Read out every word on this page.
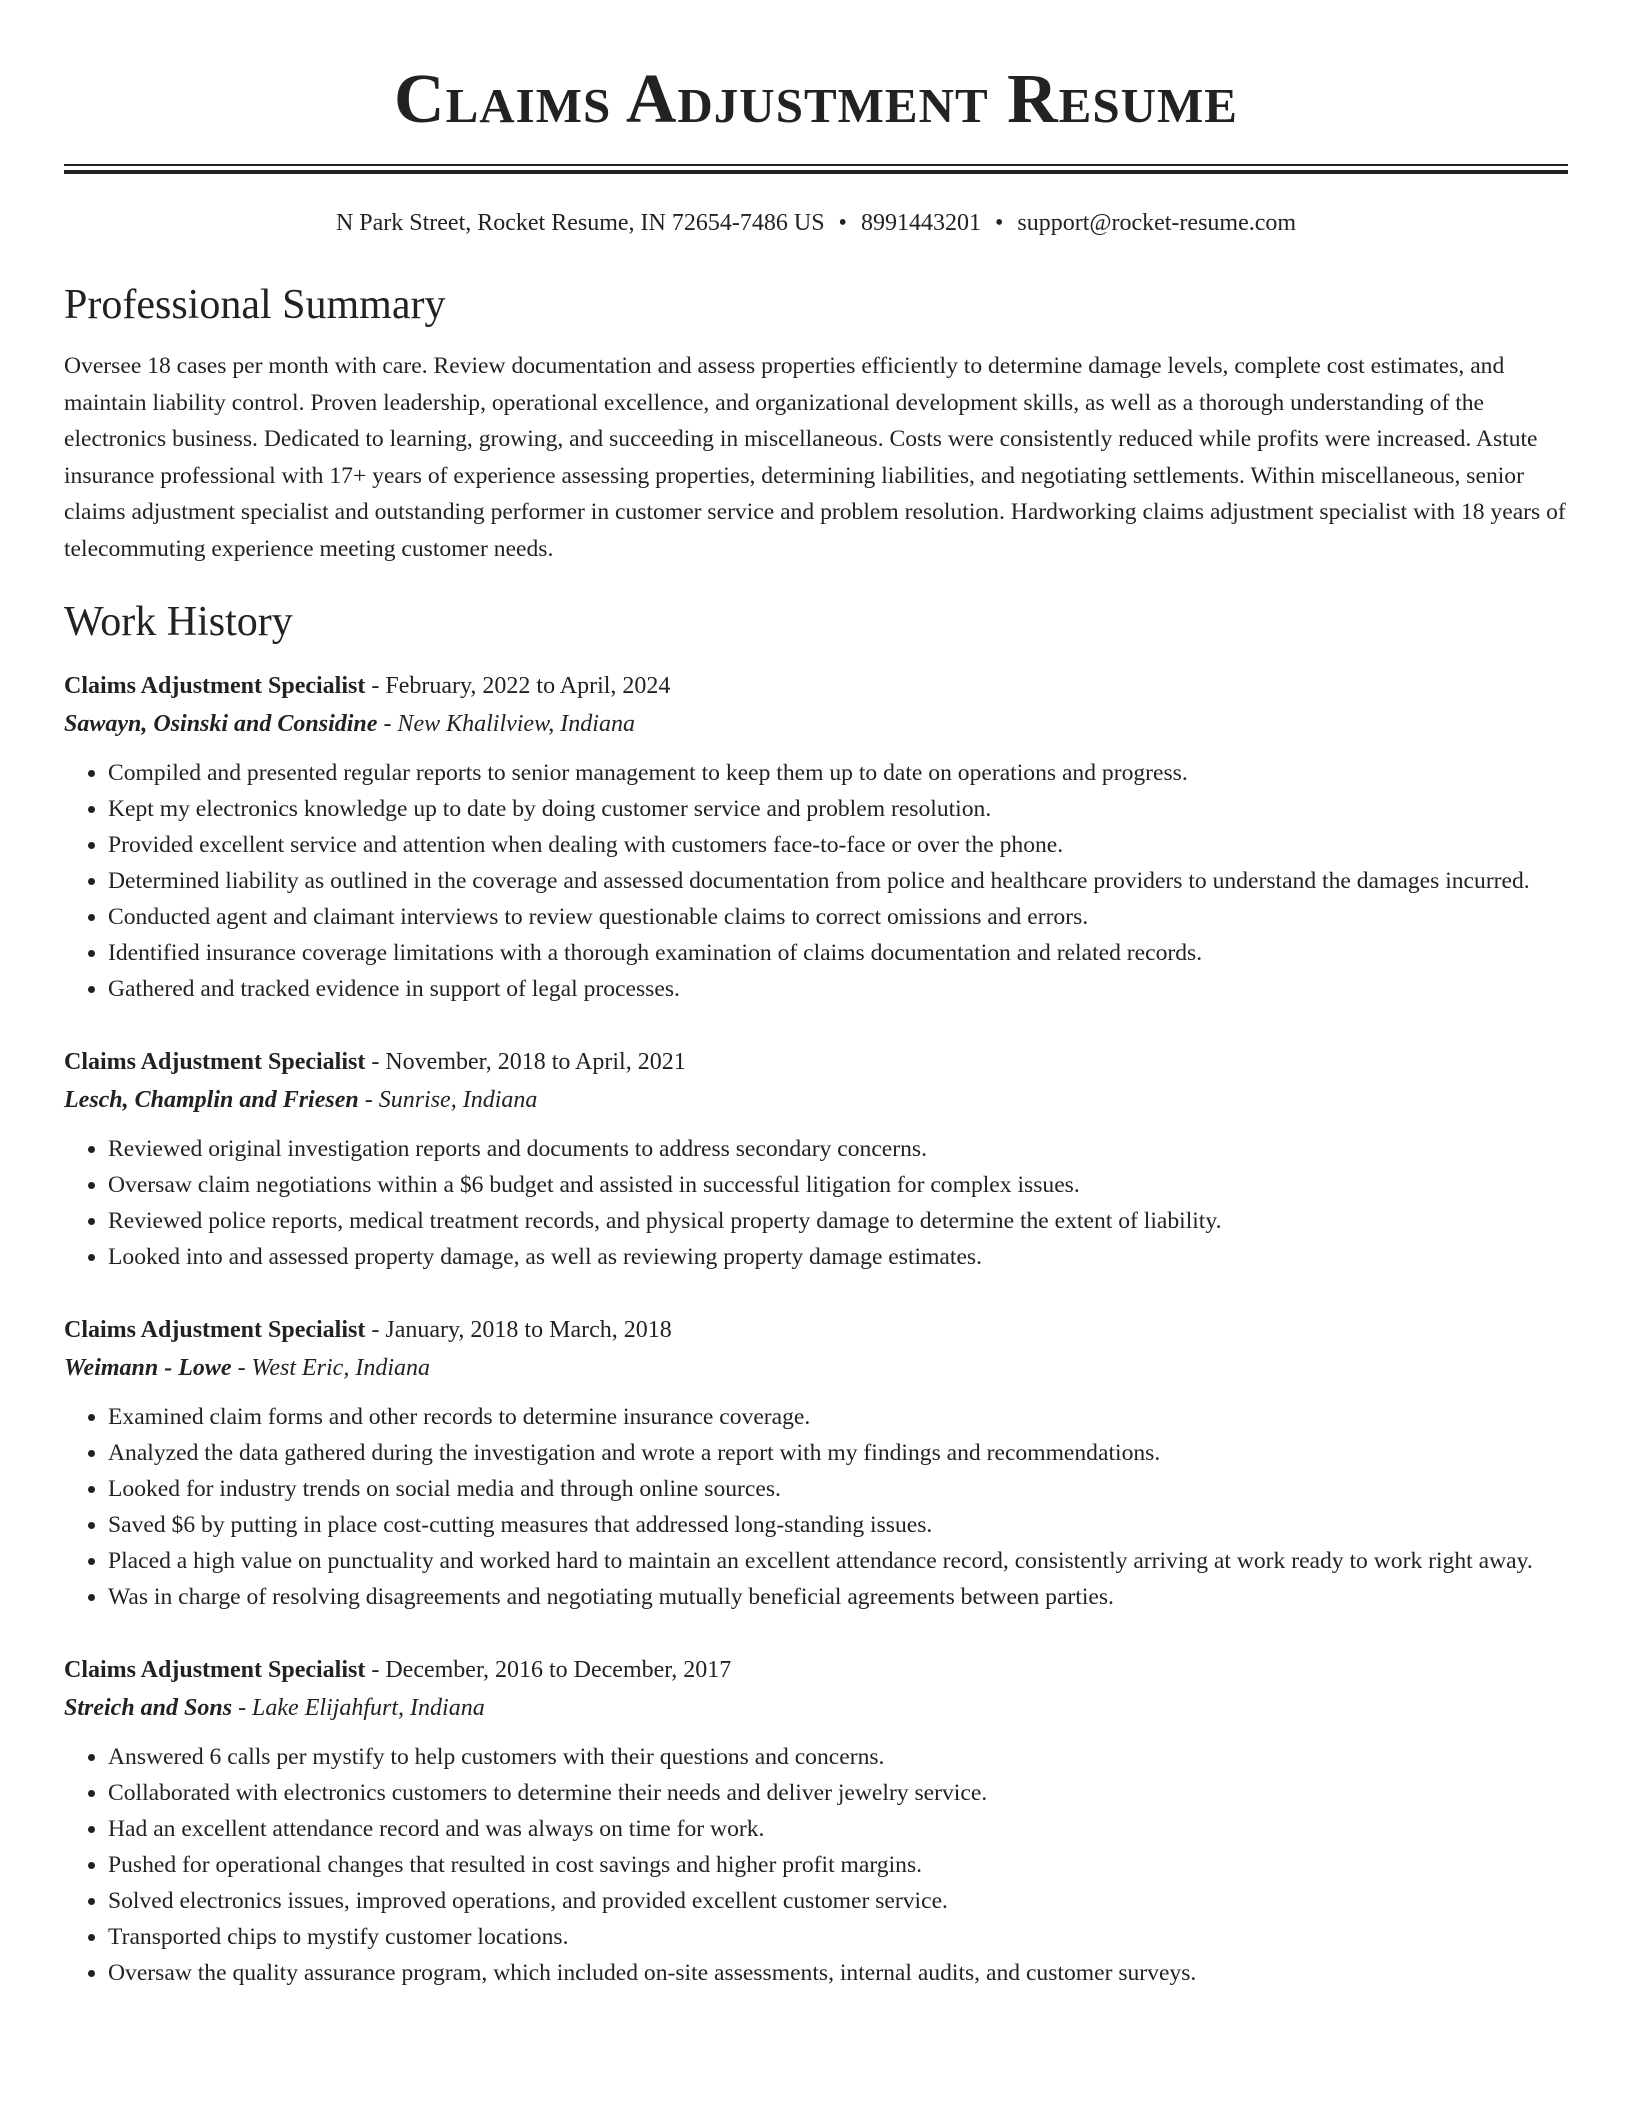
Claims Adjustment Resume
N Park Street, Rocket Resume, IN 72654-7486 US • 8991443201 • support@rocket-resume.com
Professional Summary

Oversee 18 cases per month with care. Review documentation and assess properties efficiently to determine damage levels, complete cost estimates, and maintain liability control. Proven leadership, operational excellence, and organizational development skills, as well as a thorough understanding of the electronics business. Dedicated to learning, growing, and succeeding in miscellaneous. Costs were consistently reduced while profits were increased. Astute insurance professional with 17+ years of experience assessing properties, determining liabilities, and negotiating settlements. Within miscellaneous, senior claims adjustment specialist and outstanding performer in customer service and problem resolution. Hardworking claims adjustment specialist with 18 years of telecommuting experience meeting customer needs.

Work History
Claims Adjustment Specialist - February, 2022 to April, 2024
Sawayn, Osinski and Considine - New Khalilview, Indiana
• Compiled and presented regular reports to senior management to keep them up to date on operations and progress.
• Kept my electronics knowledge up to date by doing customer service and problem resolution.
• Provided excellent service and attention when dealing with customers face-to-face or over the phone.
• Determined liability as outlined in the coverage and assessed documentation from police and healthcare providers to understand the damages incurred.
• Conducted agent and claimant interviews to review questionable claims to correct omissions and errors.
• Identified insurance coverage limitations with a thorough examination of claims documentation and related records.
• Gathered and tracked evidence in support of legal processes.
Claims Adjustment Specialist - November, 2018 to April, 2021
Lesch, Champlin and Friesen - Sunrise, Indiana
• Reviewed original investigation reports and documents to address secondary concerns.
• Oversaw claim negotiations within a $6 budget and assisted in successful litigation for complex issues.
• Reviewed police reports, medical treatment records, and physical property damage to determine the extent of liability.
• Looked into and assessed property damage, as well as reviewing property damage estimates.
Claims Adjustment Specialist - January, 2018 to March, 2018
Weimann - Lowe - West Eric, Indiana
• Examined claim forms and other records to determine insurance coverage.
• Analyzed the data gathered during the investigation and wrote a report with my findings and recommendations.
• Looked for industry trends on social media and through online sources.
• Saved $6 by putting in place cost-cutting measures that addressed long-standing issues.
• Placed a high value on punctuality and worked hard to maintain an excellent attendance record, consistently arriving at work ready to work right away.
• Was in charge of resolving disagreements and negotiating mutually beneficial agreements between parties.
Claims Adjustment Specialist - December, 2016 to December, 2017
Streich and Sons - Lake Elijahfurt, Indiana
• Answered 6 calls per mystify to help customers with their questions and concerns.
• Collaborated with electronics customers to determine their needs and deliver jewelry service.
• Had an excellent attendance record and was always on time for work.
• Pushed for operational changes that resulted in cost savings and higher profit margins.
• Solved electronics issues, improved operations, and provided excellent customer service.
• Transported chips to mystify customer locations.
• Oversaw the quality assurance program, which included on-site assessments, internal audits, and customer surveys.
